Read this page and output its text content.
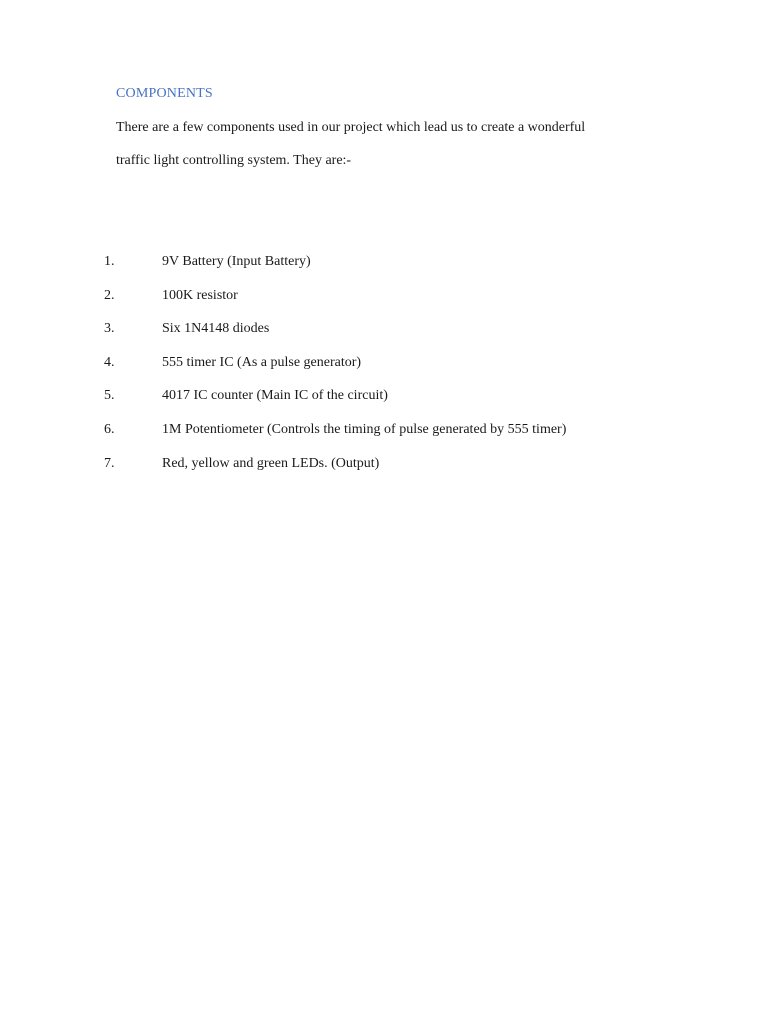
COMPONENTS
There are a few components used in our project which lead us to create a wonderful
traffic light controlling system. They are:-
1.	9V Battery (Input Battery)
2.	100K resistor
3.	Six 1N4148 diodes
4.	555 timer IC (As a pulse generator)
5.	4017 IC counter (Main IC of the circuit)
6.	1M Potentiometer (Controls the timing of pulse generated by 555 timer)
7.	Red, yellow and green LEDs. (Output)
